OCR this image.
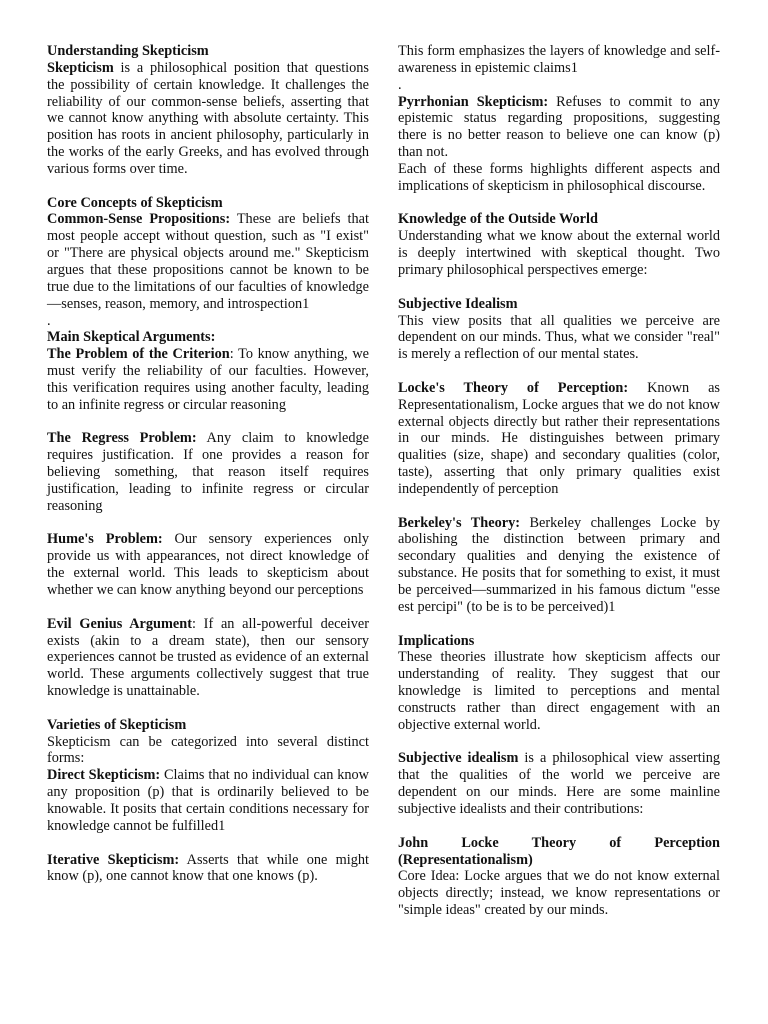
Understanding Skepticism

Skepticism is a philosophical position that questions the possibility of certain knowledge. It challenges the reliability of our common-sense beliefs, asserting that we cannot know anything with absolute certainty. This position has roots in ancient philosophy, particularly in the works of the early Greeks, and has evolved through various forms over time.

Core Concepts of Skepticism

Common-Sense Propositions: These are beliefs that most people accept without question, such as "I exist" or "There are physical objects around me." Skepticism argues that these propositions cannot be known to be true due to the limitations of our faculties of knowledge—senses, reason, memory, and introspection1

.

Main Skeptical Arguments:

The Problem of the Criterion: To know anything, we must verify the reliability of our faculties. However, this verification requires using another faculty, leading to an infinite regress or circular reasoning

The Regress Problem: Any claim to knowledge requires justification. If one provides a reason for believing something, that reason itself requires justification, leading to infinite regress or circular reasoning

Hume's Problem: Our sensory experiences only provide us with appearances, not direct knowledge of the external world. This leads to skepticism about whether we can know anything beyond our perceptions

Evil Genius Argument: If an all-powerful deceiver exists (akin to a dream state), then our sensory experiences cannot be trusted as evidence of an external world. These arguments collectively suggest that true knowledge is unattainable.

Varieties of Skepticism

Skepticism can be categorized into several distinct forms:

Direct Skepticism: Claims that no individual can know any proposition (p) that is ordinarily believed to be knowable. It posits that certain conditions necessary for knowledge cannot be fulfilled1

Iterative Skepticism: Asserts that while one might know (p), one cannot know that one knows (p).

This form emphasizes the layers of knowledge and self-awareness in epistemic claims1

.

Pyrrhonian Skepticism: Refuses to commit to any epistemic status regarding propositions, suggesting there is no better reason to believe one can know (p) than not.

Each of these forms highlights different aspects and implications of skepticism in philosophical discourse.

Knowledge of the Outside World

Understanding what we know about the external world is deeply intertwined with skeptical thought. Two primary philosophical perspectives emerge:

Subjective Idealism

This view posits that all qualities we perceive are dependent on our minds. Thus, what we consider "real" is merely a reflection of our mental states.

Locke's Theory of Perception: Known as Representationalism, Locke argues that we do not know external objects directly but rather their representations in our minds. He distinguishes between primary qualities (size, shape) and secondary qualities (color, taste), asserting that only primary qualities exist independently of perception

Berkeley's Theory: Berkeley challenges Locke by abolishing the distinction between primary and secondary qualities and denying the existence of substance. He posits that for something to exist, it must be perceived—summarized in his famous dictum "esse est percipi" (to be is to be perceived)1

Implications

These theories illustrate how skepticism affects our understanding of reality. They suggest that our knowledge is limited to perceptions and mental constructs rather than direct engagement with an objective external world.

Subjective idealism is a philosophical view asserting that the qualities of the world we perceive are dependent on our minds. Here are some mainline subjective idealists and their contributions:

John Locke Theory of Perception (Representationalism)

Core Idea: Locke argues that we do not know external objects directly; instead, we know representations or "simple ideas" created by our minds.
